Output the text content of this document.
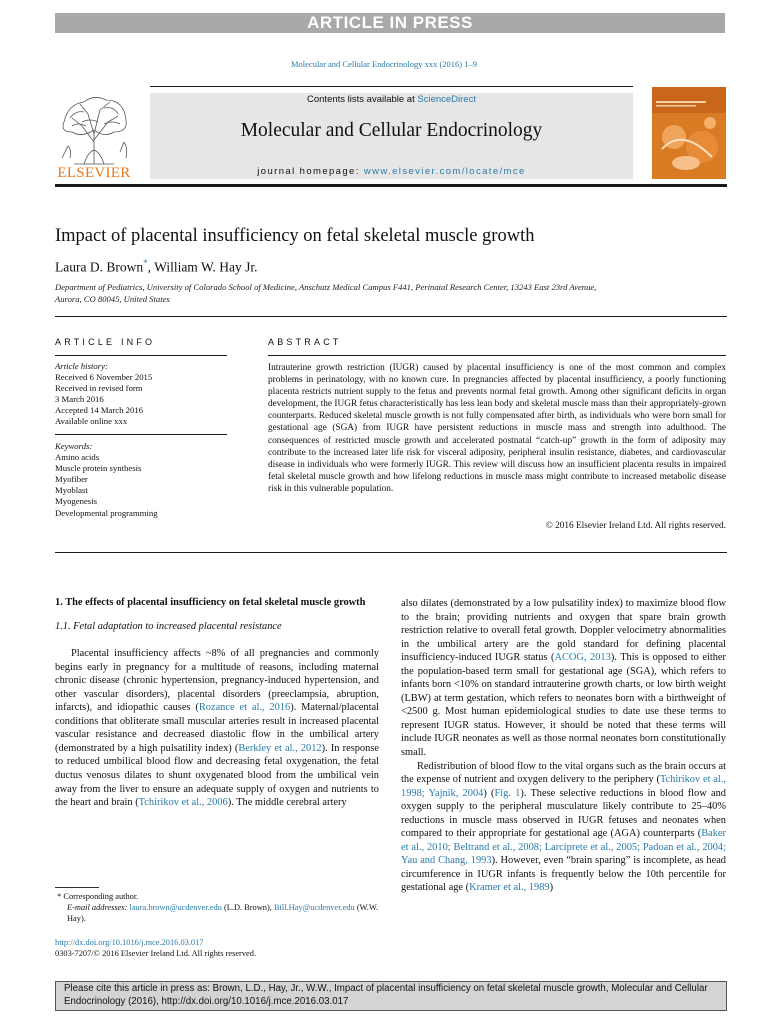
ARTICLE IN PRESS
Molecular and Cellular Endocrinology xxx (2016) 1–9
ELSEVIER
Contents lists available at ScienceDirect
Molecular and Cellular Endocrinology
journal homepage: www.elsevier.com/locate/mce
Impact of placental insufficiency on fetal skeletal muscle growth
Laura D. Brown*, William W. Hay Jr.
Department of Pediatrics, University of Colorado School of Medicine, Anschutz Medical Campus F441, Perinatal Research Center, 13243 East 23rd Avenue,
Aurora, CO 80045, United States
ARTICLE INFO	ABSTRACT
Article history:
Received 6 November 2015
Received in revised form
3 March 2016
Accepted 14 March 2016
Available online xxx
Keywords:
Amino acids
Muscle protein synthesis
Myofiber
Myoblast
Myogenesis
Developmental programming
Intrauterine growth restriction (IUGR) caused by placental insufficiency is one of the most common and complex problems in perinatology, with no known cure. In pregnancies affected by placental insufficiency, a poorly functioning placenta restricts nutrient supply to the fetus and prevents normal fetal growth. Among other significant deficits in organ development, the IUGR fetus characteristically has less lean body and skeletal muscle mass than their appropriately-grown counterparts. Reduced skeletal muscle growth is not fully compensated after birth, as individuals who were born small for gestational age (SGA) from IUGR have persistent reductions in muscle mass and strength into adulthood. The consequences of restricted muscle growth and accelerated postnatal “catch-up” growth in the form of adiposity may contribute to the increased later life risk for visceral adiposity, peripheral insulin resistance, diabetes, and cardiovascular disease in individuals who were formerly IUGR. This review will discuss how an insufficient placenta results in impaired fetal skeletal muscle growth and how lifelong reductions in muscle mass might contribute to increased metabolic disease risk in this vulnerable population.
© 2016 Elsevier Ireland Ltd. All rights reserved.
1. The effects of placental insufficiency on fetal skeletal muscle growth
1.1. Fetal adaptation to increased placental resistance

Placental insufficiency affects ~8% of all pregnancies and commonly begins early in pregnancy for a multitude of reasons, including maternal chronic disease (chronic hypertension, pregnancy-induced hypertension, and other vascular disorders), placental disorders (preeclampsia, abruption, infarcts), and idiopathic causes (Rozance et al., 2016). Maternal/placental conditions that obliterate small muscular arteries result in increased placental vascular resistance and decreased diastolic flow in the umbilical artery (demonstrated by a high pulsatility index) (Berkley et al., 2012). In response to reduced umbilical blood flow and decreasing fetal oxygenation, the fetal ductus venosus dilates to shunt oxygenated blood from the umbilical vein away from the liver to ensure an adequate supply of oxygen and nutrients to the heart and brain (Tchirikov et al., 2006). The middle cerebral artery

also dilates (demonstrated by a low pulsatility index) to maximize blood flow to the brain; providing nutrients and oxygen that spare brain growth restriction relative to overall fetal growth. Doppler velocimetry abnormalities in the umbilical artery are the gold standard for defining placental insufficiency-induced IUGR status (ACOG, 2013). This is opposed to either the population-based term small for gestational age (SGA), which refers to infants born <10% on standard intrauterine growth charts, or low birth weight (LBW) at term gestation, which refers to neonates born with a birthweight of <2500 g. Most human epidemiological studies to date use these terms to represent IUGR status. However, it should be noted that these terms will include IUGR neonates as well as those normal neonates born constitutionally small.

Redistribution of blood flow to the vital organs such as the brain occurs at the expense of nutrient and oxygen delivery to the periphery (Tchirikov et al., 1998; Yajnik, 2004) (Fig. 1). These selective reductions in blood flow and oxygen supply to the peripheral musculature likely contribute to 25–40% reductions in muscle mass observed in IUGR fetuses and neonates when compared to their appropriate for gestational age (AGA) counterparts (Baker et al., 2010; Beltrand et al., 2008; Larciprete et al., 2005; Padoan et al., 2004; Yau and Chang, 1993). However, even “brain sparing” is incomplete, as head circumference in IUGR infants is frequently below the 10th percentile for gestational age (Kramer et al., 1989)

* Corresponding author.
E-mail addresses: laura.brown@ucdenver.edu (L.D. Brown), Bill.Hay@ucdenver.edu (W.W. Hay).
http://dx.doi.org/10.1016/j.mce.2016.03.017
0303-7207/© 2016 Elsevier Ireland Ltd. All rights reserved.
Please cite this article in press as: Brown, L.D., Hay, Jr., W.W., Impact of placental insufficiency on fetal skeletal muscle growth, Molecular and Cellular Endocrinology (2016), http://dx.doi.org/10.1016/j.mce.2016.03.017
